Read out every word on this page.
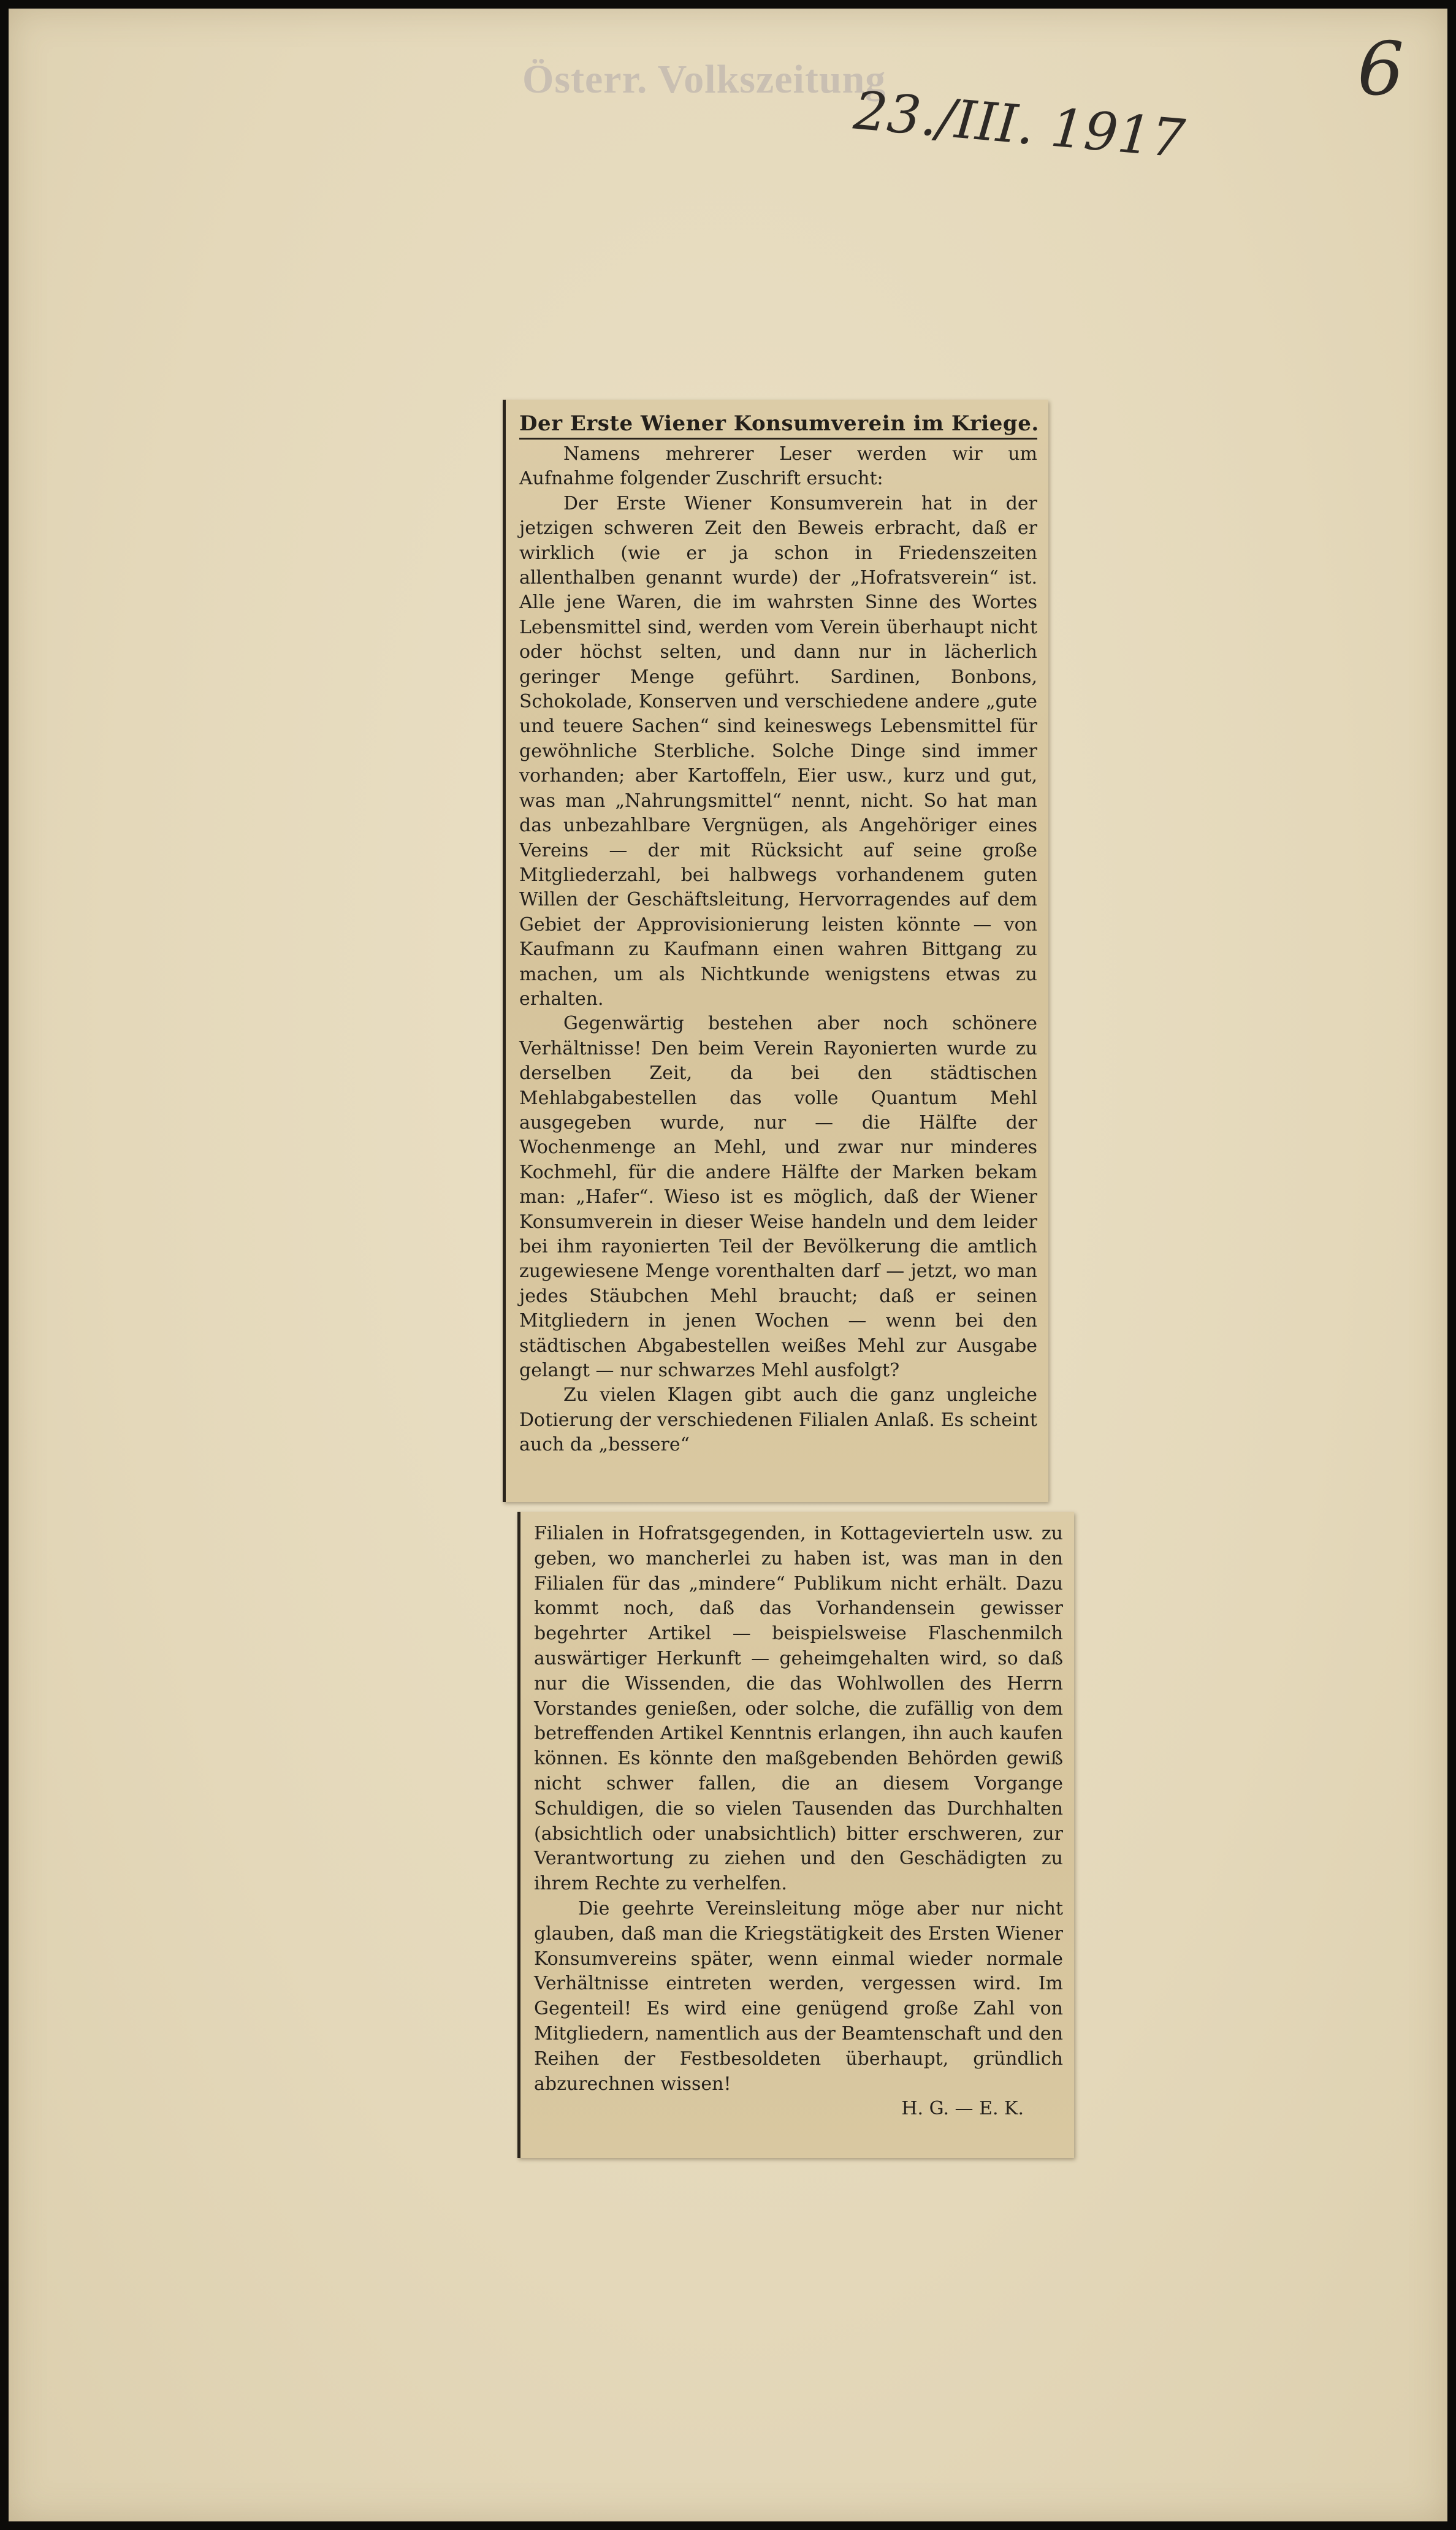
Österr. Volkszeitung
23./III. 1917
6
Der Erste Wiener Konsumverein im Kriege.

Namens mehrerer Leser werden wir um Aufnahme folgender Zuschrift ersucht:

Der Erste Wiener Konsumverein hat in der jetzigen schweren Zeit den Beweis erbracht, daß er wirklich (wie er ja schon in Friedenszeiten allenthalben genannt wurde) der „Hofratsverein“ ist. Alle jene Waren, die im wahrsten Sinne des Wortes Lebensmittel sind, werden vom Verein überhaupt nicht oder höchst selten, und dann nur in lächerlich geringer Menge geführt. Sardinen, Bonbons, Schokolade, Konserven und verschiedene andere „gute und teuere Sachen“ sind keineswegs Lebensmittel für gewöhnliche Sterbliche. Solche Dinge sind immer vorhanden; aber Kartoffeln, Eier usw., kurz und gut, was man „Nahrungsmittel“ nennt, nicht. So hat man das unbezahlbare Vergnügen, als Angehöriger eines Vereins — der mit Rücksicht auf seine große Mitgliederzahl, bei halbwegs vorhandenem guten Willen der Geschäftsleitung, Hervorragendes auf dem Gebiet der Approvisionierung leisten könnte — von Kaufmann zu Kaufmann einen wahren Bittgang zu machen, um als Nichtkunde wenigstens etwas zu erhalten.

Gegenwärtig bestehen aber noch schönere Verhältnisse! Den beim Verein Rayonierten wurde zu derselben Zeit, da bei den städtischen Mehlabgabestellen das volle Quantum Mehl ausgegeben wurde, nur — die Hälfte der Wochenmenge an Mehl, und zwar nur minderes Kochmehl, für die andere Hälfte der Marken bekam man: „Hafer“. Wieso ist es möglich, daß der Wiener Konsumverein in dieser Weise handeln und dem leider bei ihm rayonierten Teil der Bevölkerung die amtlich zugewiesene Menge vorenthalten darf — jetzt, wo man jedes Stäubchen Mehl braucht; daß er seinen Mitgliedern in jenen Wochen — wenn bei den städtischen Abgabestellen weißes Mehl zur Ausgabe gelangt — nur schwarzes Mehl ausfolgt?

Zu vielen Klagen gibt auch die ganz ungleiche Dotierung der verschiedenen Filialen Anlaß. Es scheint auch da „bessere“

Filialen in Hofratsgegenden, in Kottagevierteln usw. zu geben, wo mancherlei zu haben ist, was man in den Filialen für das „mindere“ Publikum nicht erhält. Dazu kommt noch, daß das Vorhandensein gewisser begehrter Artikel — beispielsweise Flaschenmilch auswärtiger Herkunft — geheimgehalten wird, so daß nur die Wissenden, die das Wohlwollen des Herrn Vorstandes genießen, oder solche, die zufällig von dem betreffenden Artikel Kenntnis erlangen, ihn auch kaufen können. Es könnte den maßgebenden Behörden gewiß nicht schwer fallen, die an diesem Vorgange Schuldigen, die so vielen Tausenden das Durchhalten (absichtlich oder unabsichtlich) bitter erschweren, zur Verantwortung zu ziehen und den Geschädigten zu ihrem Rechte zu verhelfen.

Die geehrte Vereinsleitung möge aber nur nicht glauben, daß man die Kriegstätigkeit des Ersten Wiener Konsumvereins später, wenn einmal wieder normale Verhältnisse eintreten werden, vergessen wird. Im Gegenteil! Es wird eine genügend große Zahl von Mitgliedern, namentlich aus der Beamtenschaft und den Reihen der Festbesoldeten überhaupt, gründlich abzurechnen wissen!

H. G. — E. K.
